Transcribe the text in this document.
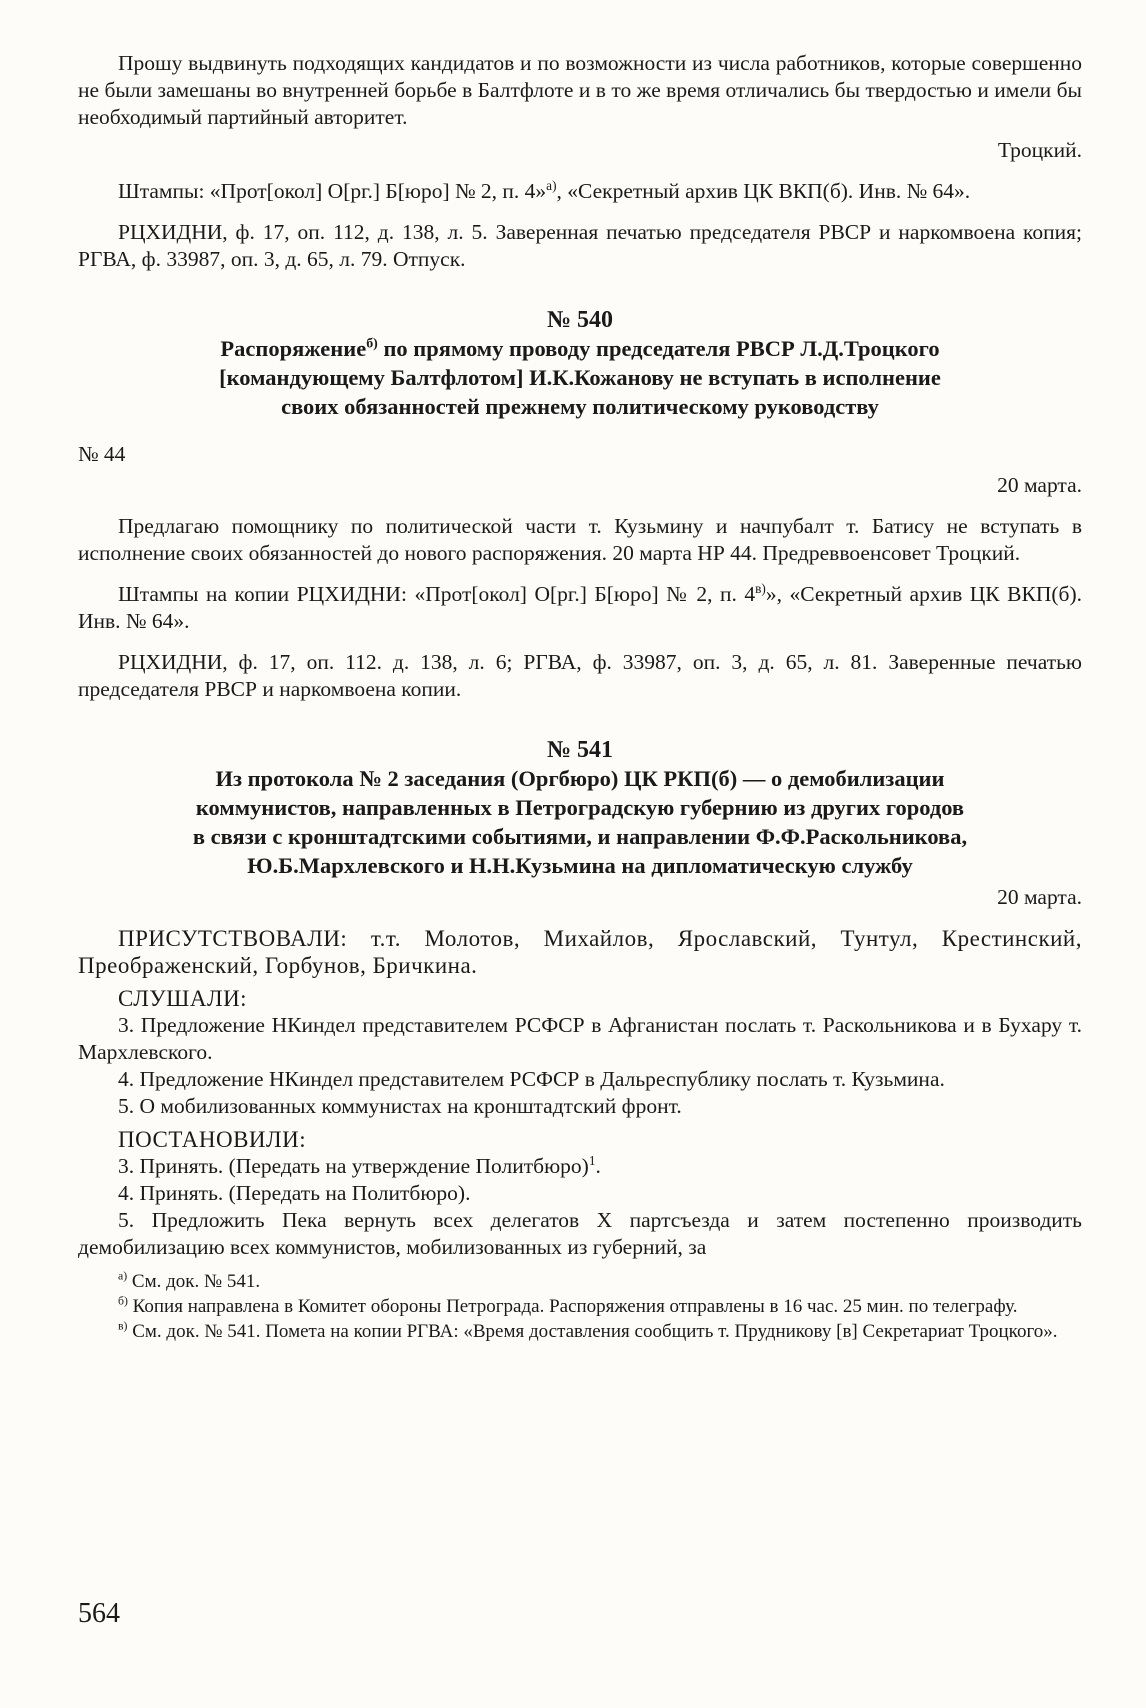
Прошу выдвинуть подходящих кандидатов и по возможности из числа работников, которые совершенно не были замешаны во внутренней борьбе в Балтфлоте и в то же время отличались бы твердостью и имели бы необходимый партийный авторитет.

Троцкий.

Штампы: «Прот[окол] О[рг.] Б[юро] № 2, п. 4»$^{а)}$, «Секретный архив ЦК ВКП(б). Инв. № 64».

РЦХИДНИ, ф. 17, оп. 112, д. 138, л. 5. Заверенная печатью председателя РВСР и наркомвоена копия; РГВА, ф. 33987, оп. 3, д. 65, л. 79. Отпуск.

№ 540
Распоряжение$^{б)}$ по прямому проводу председателя РВСР Л.Д.Троцкого
[командующему Балтфлотом] И.К.Кожанову не вступать в исполнение
своих обязанностей прежнему политическому руководству

№ 44

20 марта.

Предлагаю помощнику по политической части т. Кузьмину и начпубалт т. Батису не вступать в исполнение своих обязанностей до нового распоряжения. 20 марта НР 44. Предреввоенсовет Троцкий.

Штампы на копии РЦХИДНИ: «Прот[окол] О[рг.] Б[юро] № 2, п. $4^{в)}$», «Секретный архив ЦК ВКП(б). Инв. № 64».

РЦХИДНИ, ф. 17, оп. 112. д. 138, л. 6; РГВА, ф. 33987, оп. 3, д. 65, л. 81. Заверенные печатью председателя РВСР и наркомвоена копии.

№ 541
Из протокола № 2 заседания (Оргбюро) ЦК РКП(б) — о демобилизации
коммунистов, направленных в Петроградскую губернию из других городов
в связи с кронштадтскими событиями, и направлении Ф.Ф.Раскольникова,
Ю.Б.Мархлевского и Н.Н.Кузьмина на дипломатическую службу

20 марта.

ПРИСУТСТВОВАЛИ: т.т. Молотов, Михайлов, Ярославский, Тунтул, Крестинский, Преображенский, Горбунов, Бричкина.

СЛУШАЛИ:

3. Предложение НКиндел представителем РСФСР в Афганистан послать т. Раскольникова и в Бухару т. Мархлевского.

4. Предложение НКиндел представителем РСФСР в Дальреспублику послать т. Кузьмина.

5. О мобилизованных коммунистах на кронштадтский фронт.

ПОСТАНОВИЛИ:

3. Принять. (Передать на утверждение Политбюро)$^1$.

4. Принять. (Передать на Политбюро).

5. Предложить Пека вернуть всех делегатов X партсъезда и затем постепенно производить демобилизацию всех коммунистов, мобилизованных из губерний, за

$^{а)}$ См. док. № 541.

$^{б)}$ Копия направлена в Комитет обороны Петрограда. Распоряжения отправлены в 16 час. 25 мин. по телеграфу.

$^{в)}$ См. док. № 541. Помета на копии РГВА: «Время доставления сообщить т. Прудникову [в] Секретариат Троцкого».

564
